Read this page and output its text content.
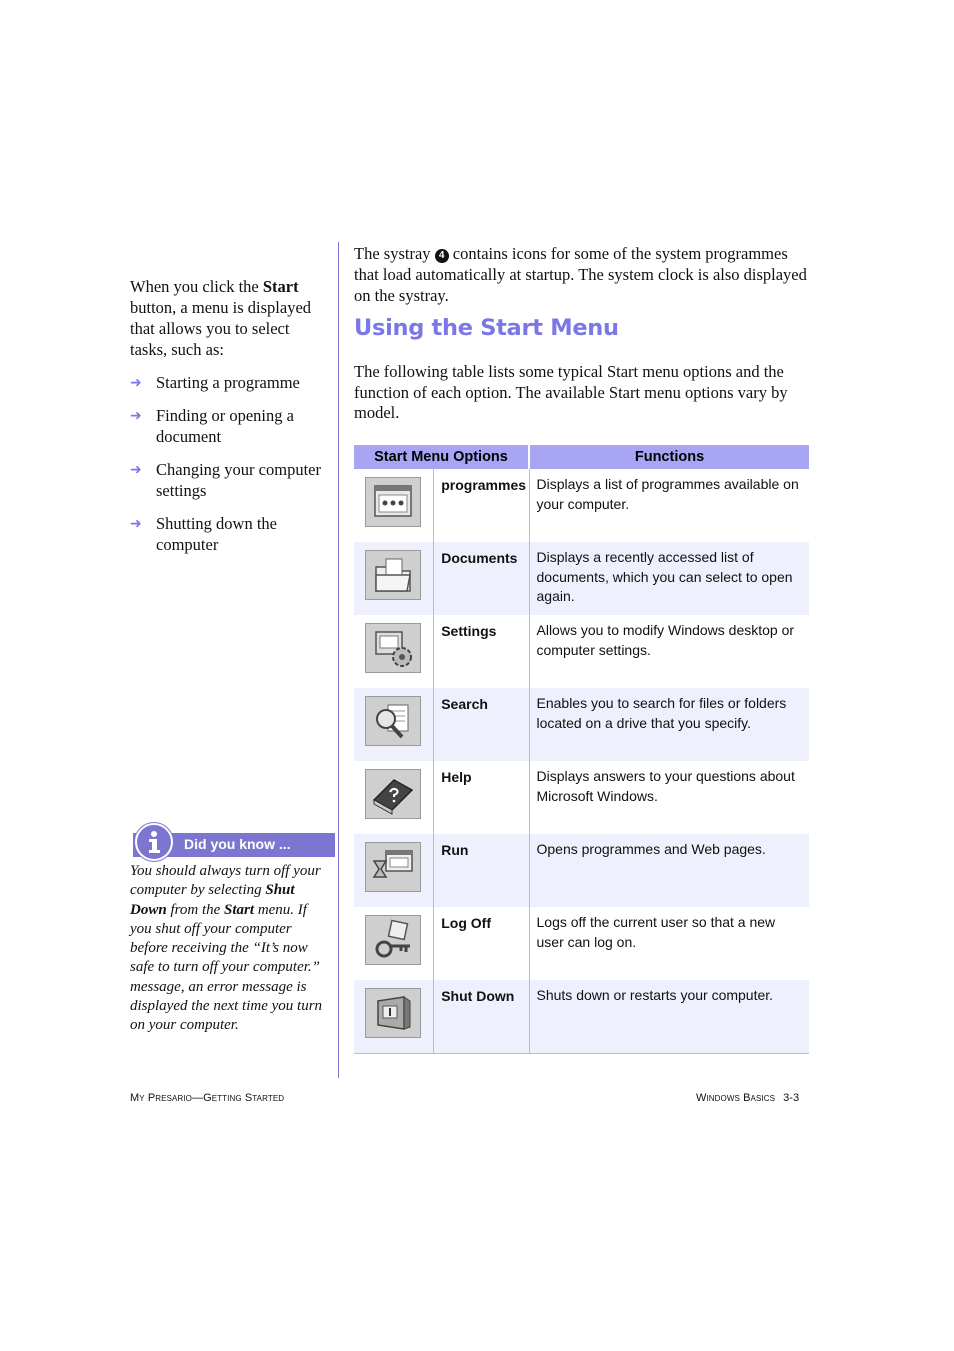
When you click the Start button, a menu is displayed that allows you to select tasks, such as:

➜ Starting a programme
➜ Finding or opening a document
➜ Changing your computer settings
➜ Shutting down the computer
Did you know ...

You should always turn off your computer by selecting Shut Down from the Start menu. If you shut off your computer before receiving the “It’s now safe to turn off your computer.” message, an error message is displayed the next time you turn on your computer.

The systray 4 contains icons for some of the system programmes that load automatically at startup. The system clock is also displayed on the systray.

Using the Start Menu

The following table lists some typical Start menu options and the function of each option. The available Start menu options vary by model.

Start Menu Options		Functions

	programmes	Displays a list of programmes available on your computer.

	Documents	Displays a recently accessed list of documents, which you can select to open again.

	Settings	Allows you to modify Windows desktop or computer settings.

	Search	Enables you to search for files or folders located on a drive that you specify.

	Help	Displays answers to your questions about Microsoft Windows.

	Run	Opens programmes and Web pages.

	Log Off	Logs off the current user so that a new user can log on.

	Shut Down	Shuts down or restarts your computer.
My Presario—Getting Started	Windows Basics 3-3
